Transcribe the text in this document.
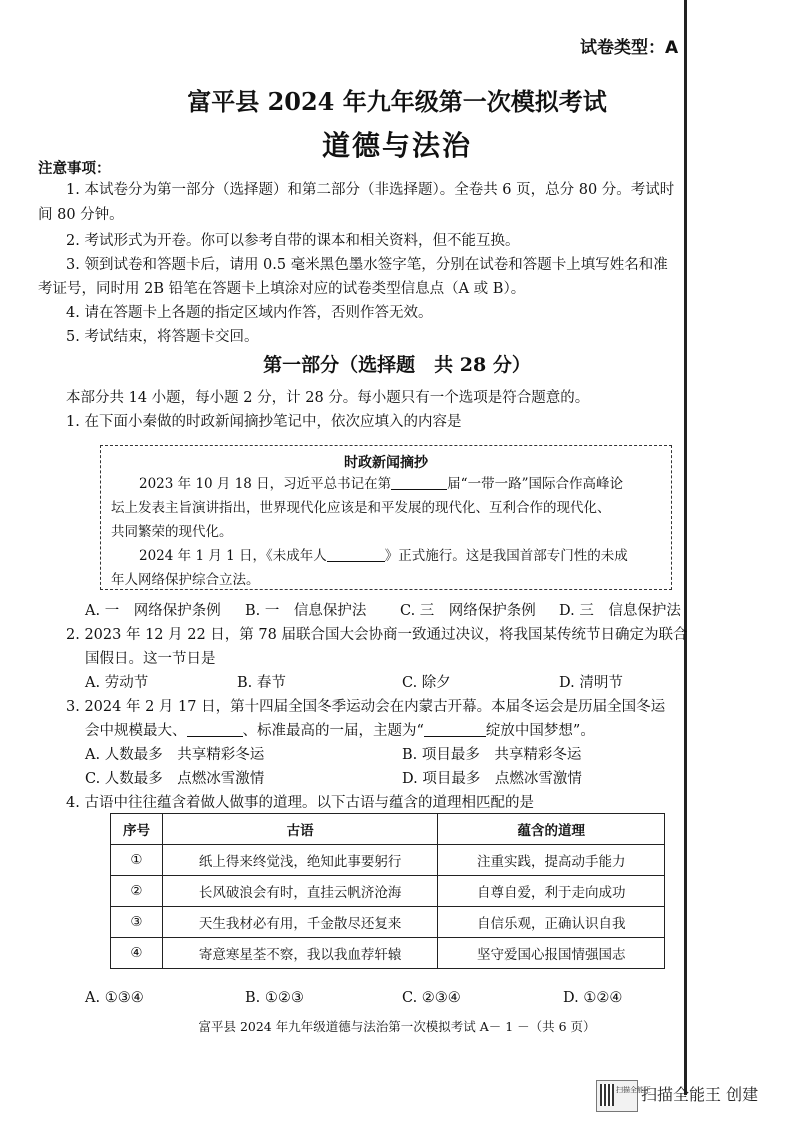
试卷类型：A
富平县 2024 年九年级第一次模拟考试
道德与法治
注意事项：
1. 本试卷分为第一部分（选择题）和第二部分（非选择题）。全卷共 6 页，总分 80 分。考试时
间 80 分钟。
2. 考试形式为开卷。你可以参考自带的课本和相关资料，但不能互换。
3. 领到试卷和答题卡后，请用 0.5 毫米黑色墨水签字笔，分别在试卷和答题卡上填写姓名和准
考证号，同时用 2B 铅笔在答题卡上填涂对应的试卷类型信息点（A 或 B）。
4. 请在答题卡上各题的指定区域内作答，否则作答无效。
5. 考试结束，将答题卡交回。
第一部分（选择题　共 28 分）
本部分共 14 小题，每小题 2 分，计 28 分。每小题只有一个选项是符合题意的。
1. 在下面小秦做的时政新闻摘抄笔记中，依次应填入的内容是
时政新闻摘抄
2023 年 10 月 18 日，习近平总书记在第	届“一带一路”国际合作高峰论
坛上发表主旨演讲指出，世界现代化应该是和平发展的现代化、互利合作的现代化、
共同繁荣的现代化。
2024 年 1 月 1 日，《未成年人	》正式施行。这是我国首部专门性的未成
年人网络保护综合立法。
A. 一　网络保护条例 B. 一　信息保护法 C. 三　网络保护条例 D. 三　信息保护法
2. 2023 年 12 月 22 日，第 78 届联合国大会协商一致通过决议，将我国某传统节日确定为联合
国假日。这一节日是
A. 劳动节	B. 春节	C. 除夕	D. 清明节
3. 2024 年 2 月 17 日，第十四届全国冬季运动会在内蒙古开幕。本届冬运会是历届全国冬运
会中规模最大、	、标准最高的一届，主题为“	绽放中国梦想”。
A. 人数最多　共享精彩冬运	B. 项目最多　共享精彩冬运
C. 人数最多　点燃冰雪激情	D. 项目最多　点燃冰雪激情
4. 古语中往往蕴含着做人做事的道理。以下古语与蕴含的道理相匹配的是
序号	古语	蕴含的道理
①	纸上得来终觉浅，绝知此事要躬行	注重实践，提高动手能力
②	长风破浪会有时，直挂云帆济沧海	自尊自爱，利于走向成功
③	天生我材必有用，千金散尽还复来	自信乐观，正确认识自我
④	寄意寒星荃不察，我以我血荐轩辕	坚守爱国心报国情强国志
A. ①③④	B. ①②③	C. ②③④	D. ①②④
富平县 2024 年九年级道德与法治第一次模拟考试 A－ 1 －（共 6 页）
扫描全能王
扫描全能王 创建
